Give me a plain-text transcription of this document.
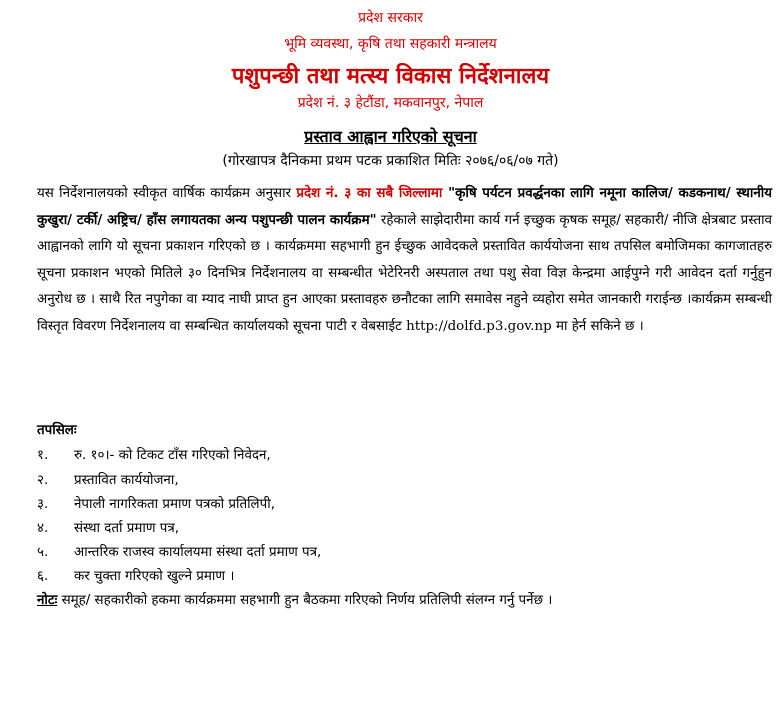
प्रदेश सरकार
भूमि व्यवस्था, कृषि तथा सहकारी मन्त्रालय
पशुपन्छी तथा मत्स्य विकास निर्देशनालय
प्रदेश नं. ३ हेटौंडा, मकवानपुर, नेपाल
प्रस्ताव आह्वान गरिएको सूचना
(गोरखापत्र दैनिकमा प्रथम पटक प्रकाशित मितिः २०७६/०६/०७ गते)
यस निर्देशनालयको स्वीकृत वार्षिक कार्यक्रम अनुसार प्रदेश नं. ३ का सबै जिल्लामा "कृषि पर्यटन प्रवर्द्धनका लागि नमूना कालिज/ कडकनाथ/ स्थानीय कुखुरा/ टर्की/ अष्ट्रिच/ हाँस लगायतका अन्य पशुपन्छी पालन कार्यक्रम" रहेकाले साझेदारीमा कार्य गर्न इच्छुक कृषक समूह/ सहकारी/ नीजि क्षेत्रबाट प्रस्ताव आह्वानको लागि यो सूचना प्रकाशन गरिएको छ । कार्यक्रममा सहभागी हुन ईच्छुक आवेदकले प्रस्तावित कार्ययोजना साथ तपसिल बमोजिमका कागजातहरु सूचना प्रकाशन भएको मितिले ३० दिनभित्र निर्देशनालय वा सम्बन्धीत भेटेरिनरी अस्पताल तथा पशु सेवा विज्ञ केन्द्रमा आईपुग्ने गरी आवेदन दर्ता गर्नुहुन अनुरोध छ । साथै रित नपुगेका वा म्याद नाघी प्राप्त हुन आएका प्रस्तावहरु छनौटका लागि समावेस नहुने व्यहोरा समेत जानकारी गराईन्छ ।कार्यक्रम सम्बन्धी विस्तृत विवरण निर्देशनालय वा सम्बन्धित कार्यालयको सूचना पाटी र वेबसाईट http://dolfd.p3.gov.np मा हेर्न सकिने छ ।
तपसिलः
१. रु. १०।- को टिकट टाँस गरिएको निवेदन,
२. प्रस्तावित कार्ययोजना,
३. नेपाली नागरिकता प्रमाण पत्रको प्रतिलिपी,
४. संस्था दर्ता प्रमाण पत्र,
५. आन्तरिक राजस्व कार्यालयमा संस्था दर्ता प्रमाण पत्र,
६. कर चुक्ता गरिएको खुल्ने प्रमाण ।
नोटः समूह/ सहकारीको हकमा कार्यक्रममा सहभागी हुन बैठकमा गरिएको निर्णय प्रतिलिपी संलग्न गर्नु पर्नेछ ।
